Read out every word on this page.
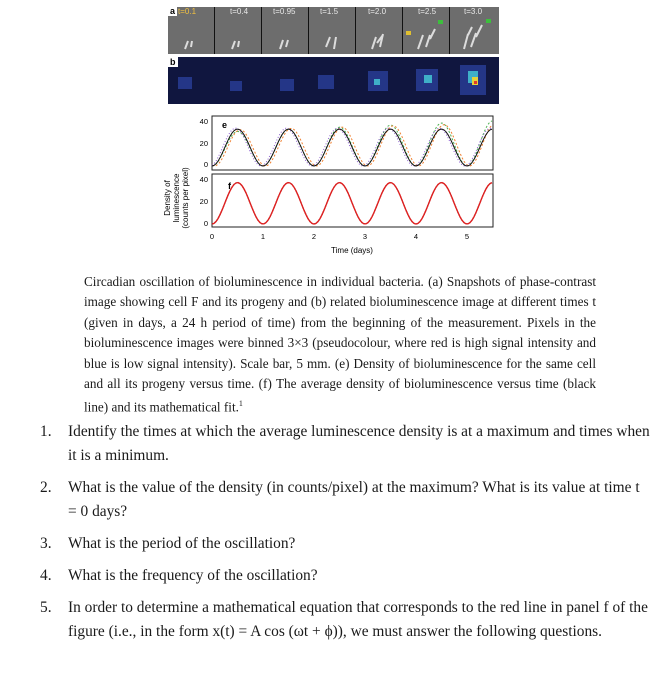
t=0.1	t=0.4	t=0.95	t=1.5	t=2.0	t=2.5	t=3.0
a
b
Density of luminescence (counts per pixel)
e
40
20
0
f
40
20
0
0	1	2	3	4	5
Time (days)
Circadian oscillation of bioluminescence in individual bacteria. (a) Snapshots of phase-contrast image showing cell F and its progeny and (b) related bioluminescence image at different times t (given in days, a 24 h period of time) from the beginning of the measurement. Pixels in the bioluminescence images were binned 3×3 (pseudocolour, where red is high signal intensity and blue is low signal intensity). Scale bar, 5 mm. (e) Density of bioluminescence for the same cell and all its progeny versus time. (f) The average density of bioluminescence versus time (black line) and its mathematical fit.$^1$
1. Identify the times at which the average luminescence density is at a maximum and times when it is a minimum.
2. What is the value of the density (in counts/pixel) at the maximum? What is its value at time t = 0 days?
3. What is the period of the oscillation?
4. What is the frequency of the oscillation?
5. In order to determine a mathematical equation that corresponds to the red line in panel f of the figure (i.e., in the form x(t) = A cos (ωt + ϕ)), we must answer the following questions.
